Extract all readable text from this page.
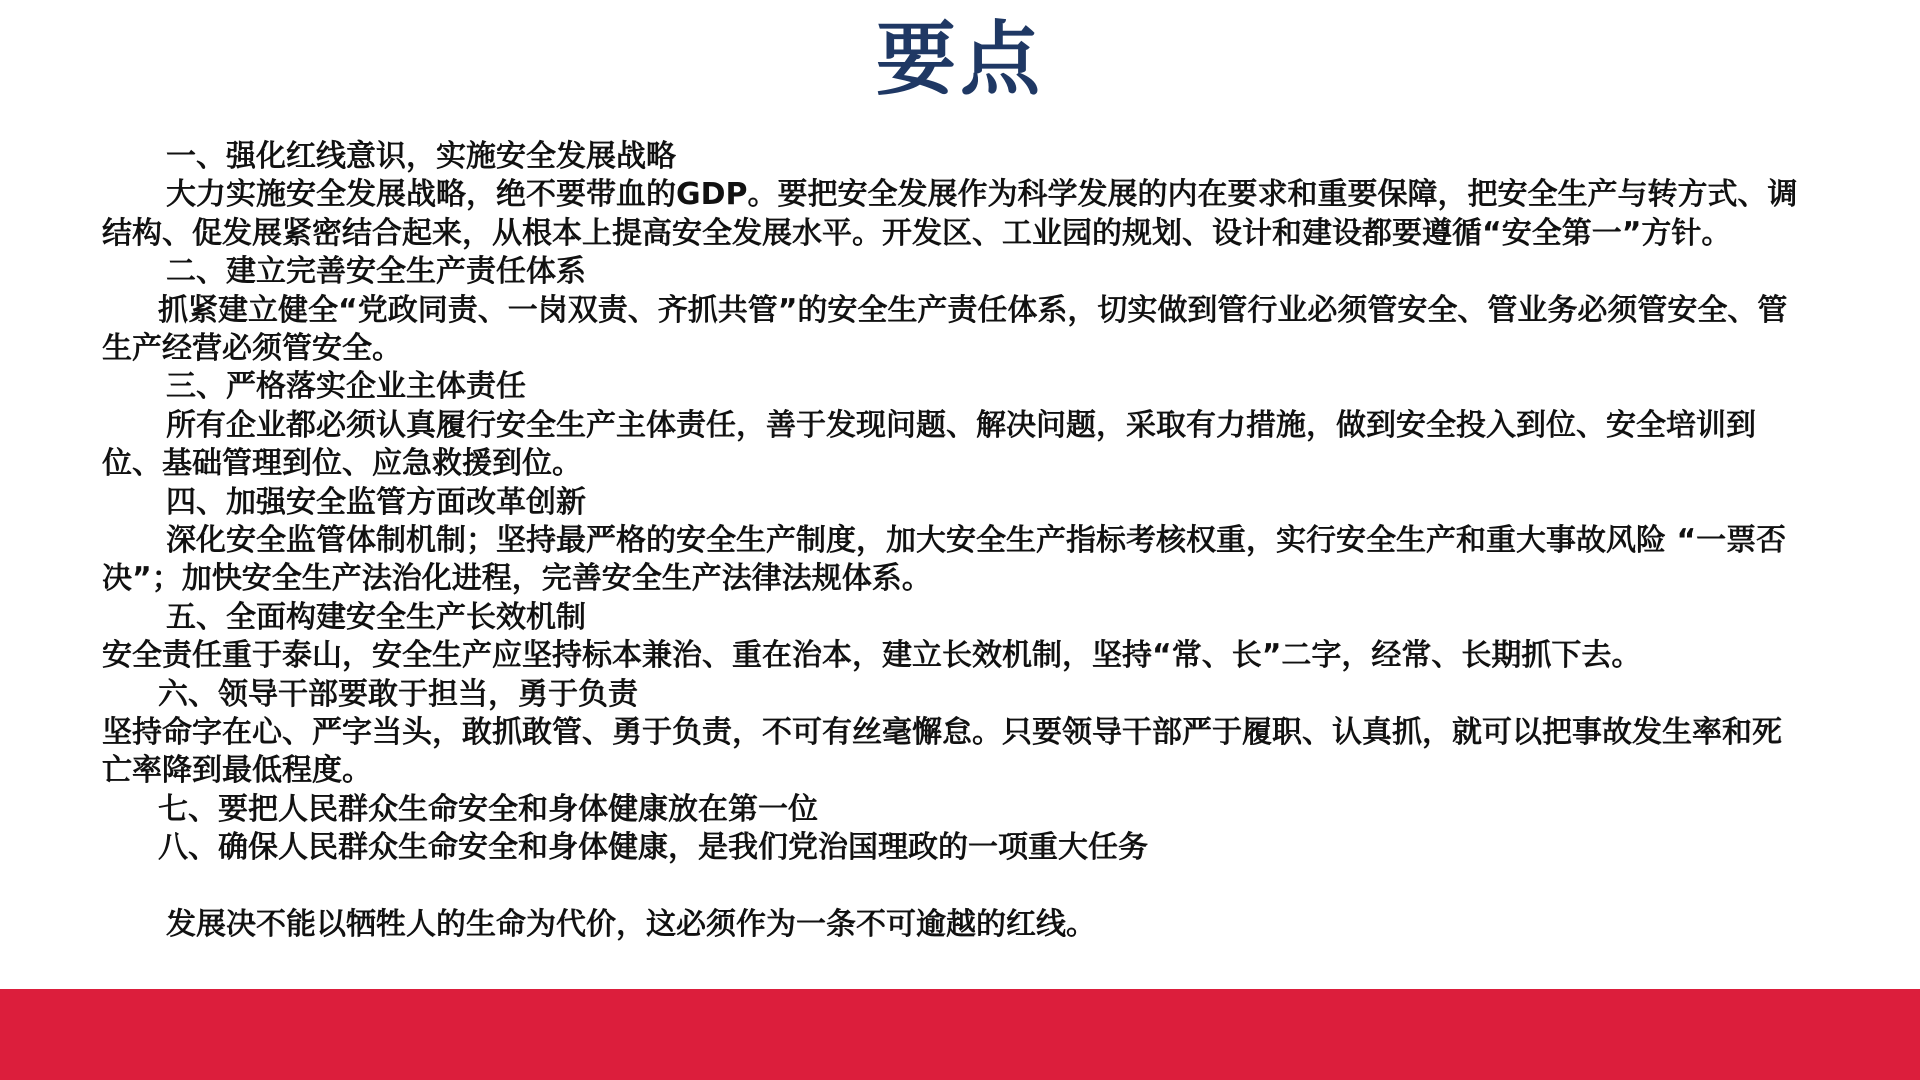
要点
一、强化红线意识，实施安全发展战略

大力实施安全发展战略，绝不要带血的GDP。要把安全发展作为科学发展的内在要求和重要保障，把安全生产与转方式、调结构、促发展紧密结合起来，从根本上提高安全发展水平。开发区、工业园的规划、设计和建设都要遵循“安全第一”方针。

二、建立完善安全生产责任体系

抓紧建立健全“党政同责、一岗双责、齐抓共管”的安全生产责任体系，切实做到管行业必须管安全、管业务必须管安全、管生产经营必须管安全。

三、严格落实企业主体责任

所有企业都必须认真履行安全生产主体责任，善于发现问题、解决问题，采取有力措施，做到安全投入到位、安全培训到位、基础管理到位、应急救援到位。

四、加强安全监管方面改革创新

深化安全监管体制机制；坚持最严格的安全生产制度，加大安全生产指标考核权重，实行安全生产和重大事故风险 “一票否决”；加快安全生产法治化进程，完善安全生产法律法规体系。

五、全面构建安全生产长效机制

安全责任重于泰山，安全生产应坚持标本兼治、重在治本，建立长效机制，坚持“常、长”二字，经常、长期抓下去。

六、领导干部要敢于担当，勇于负责

坚持命字在心、严字当头，敢抓敢管、勇于负责，不可有丝毫懈怠。只要领导干部严于履职、认真抓，就可以把事故发生率和死亡率降到最低程度。

七、要把人民群众生命安全和身体健康放在第一位
八、确保人民群众生命安全和身体健康，是我们党治国理政的一项重大任务
发展决不能以牺牲人的生命为代价，这必须作为一条不可逾越的红线。
